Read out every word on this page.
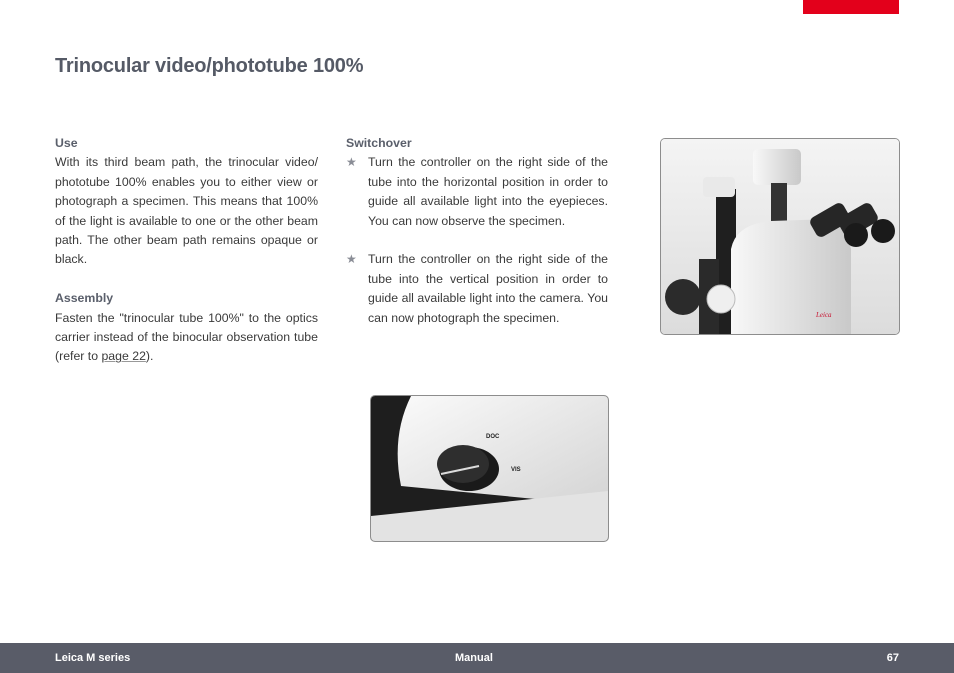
Trinocular video/phototube 100%
Use

With its third beam path, the trinocular video/ phototube 100% enables you to either view or photograph a specimen. This means that 100% of the light is available to one or the other beam path. The other beam path remains opaque or black.

Assembly

Fasten the "trinocular tube 100%" to the optics carrier instead of the binocular observation tube (refer to page 22).

Switchover
★ Turn the controller on the right side of the tube into the horizontal position in order to guide all available light into the eyepieces. You can now observe the specimen.
★ Turn the controller on the right side of the tube into the vertical position in order to guide all available light into the camera. You can now photograph the specimen.	Leica
DOC
VIS
Leica M series	Manual	67
